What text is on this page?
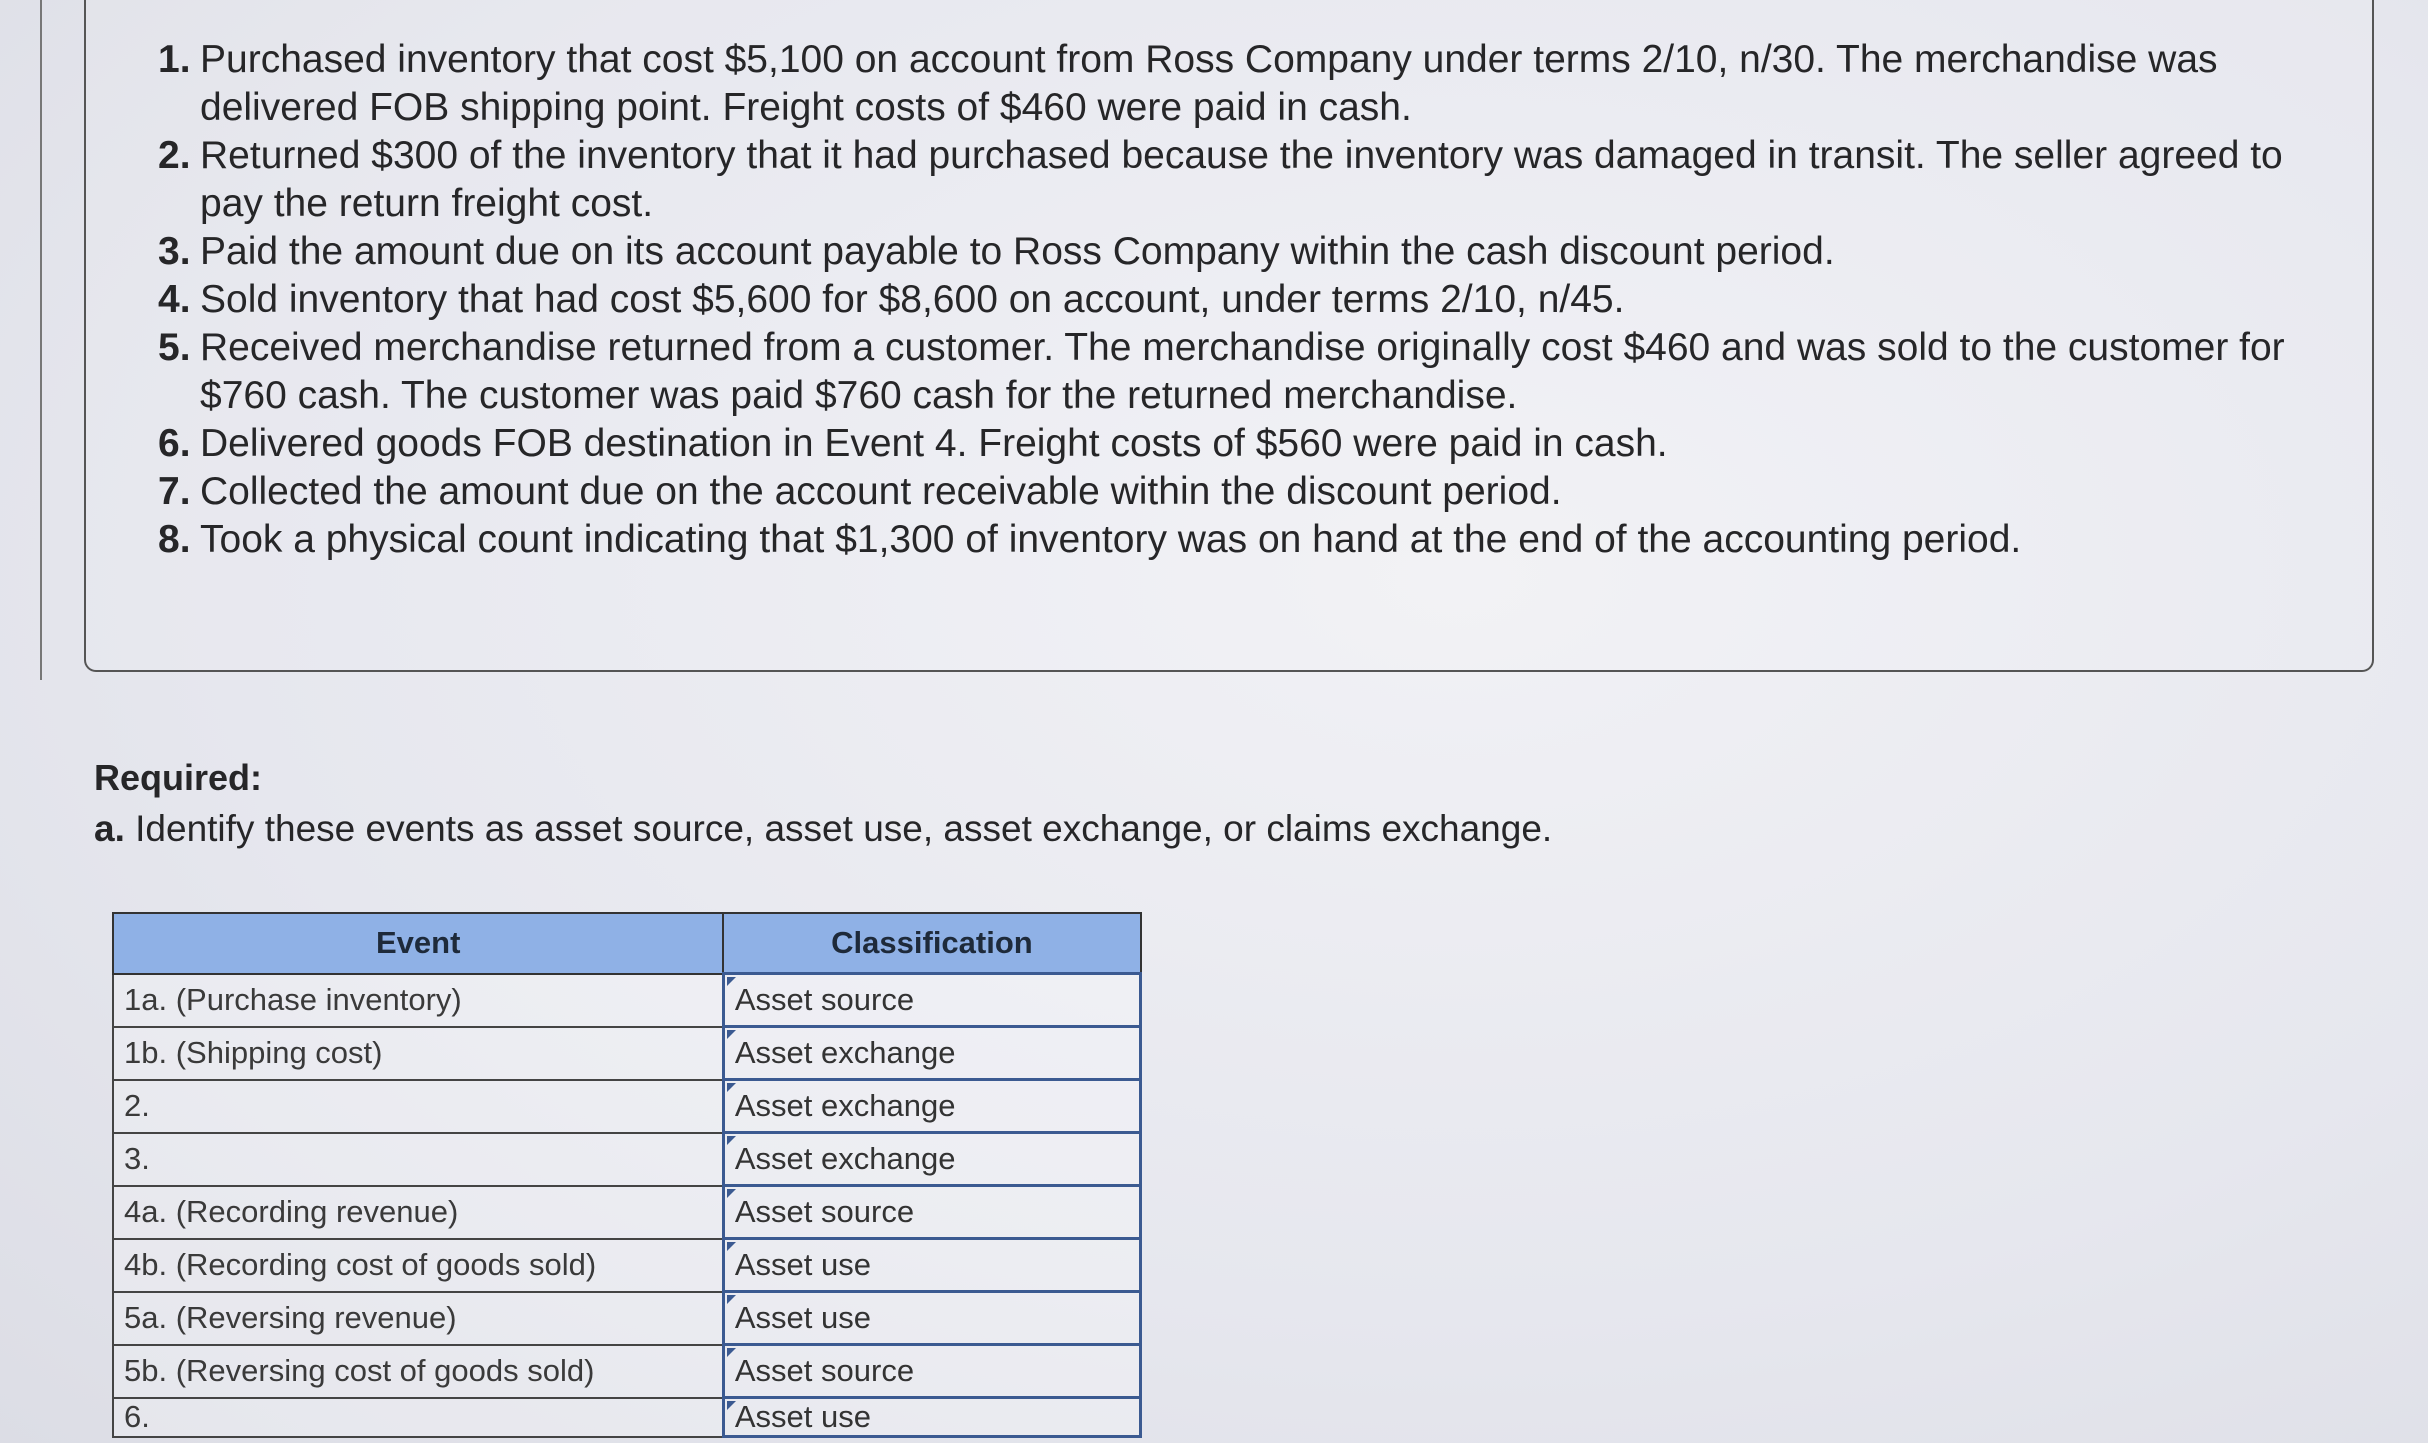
1. Purchased inventory that cost $5,100 on account from Ross Company under terms 2/10, n/30. The merchandise was delivered FOB shipping point. Freight costs of $460 were paid in cash.
2. Returned $300 of the inventory that it had purchased because the inventory was damaged in transit. The seller agreed to pay the return freight cost.
3. Paid the amount due on its account payable to Ross Company within the cash discount period.
4. Sold inventory that had cost $5,600 for $8,600 on account, under terms 2/10, n/45.
5. Received merchandise returned from a customer. The merchandise originally cost $460 and was sold to the customer for $760 cash. The customer was paid $760 cash for the returned merchandise.
6. Delivered goods FOB destination in Event 4. Freight costs of $560 were paid in cash.
7. Collected the amount due on the account receivable within the discount period.
8. Took a physical count indicating that $1,300 of inventory was on hand at the end of the accounting period.
Required:
a. Identify these events as asset source, asset use, asset exchange, or claims exchange.
Event	Classification
1a. (Purchase inventory)	Asset source
1b. (Shipping cost)	Asset exchange
2.	Asset exchange
3.	Asset exchange
4a. (Recording revenue)	Asset source
4b. (Recording cost of goods sold)	Asset use
5a. (Reversing revenue)	Asset use
5b. (Reversing cost of goods sold)	Asset source
6.	Asset use
